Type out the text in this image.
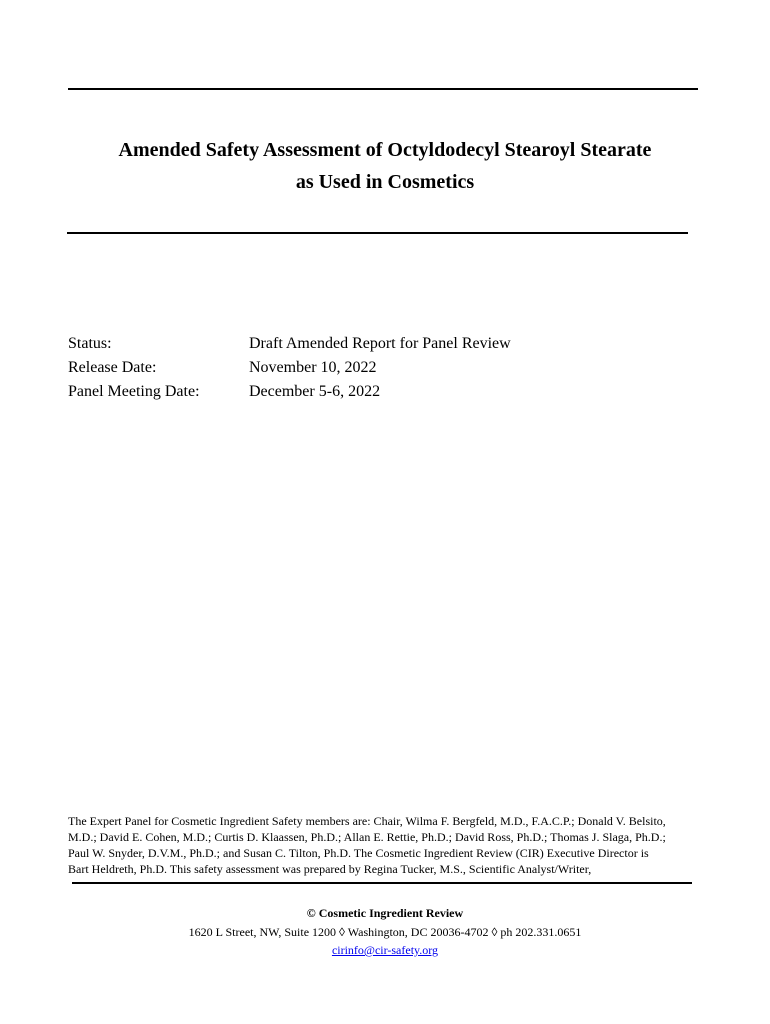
Amended Safety Assessment of Octyldodecyl Stearoyl Stearate
as Used in Cosmetics
Status:	Draft Amended Report for Panel Review
Release Date:	November 10, 2022
Panel Meeting Date:	December 5-6, 2022
The Expert Panel for Cosmetic Ingredient Safety members are: Chair, Wilma F. Bergfeld, M.D., F.A.C.P.; Donald V. Belsito,
M.D.; David E. Cohen, M.D.; Curtis D. Klaassen, Ph.D.; Allan E. Rettie, Ph.D.; David Ross, Ph.D.; Thomas J. Slaga, Ph.D.;
Paul W. Snyder, D.V.M., Ph.D.; and Susan C. Tilton, Ph.D. The Cosmetic Ingredient Review (CIR) Executive Director is
Bart Heldreth, Ph.D. This safety assessment was prepared by Regina Tucker, M.S., Scientific Analyst/Writer,
© Cosmetic Ingredient Review
1620 L Street, NW, Suite 1200 ◊ Washington, DC 20036-4702 ◊ ph 202.331.0651
cirinfo@cir-safety.org
